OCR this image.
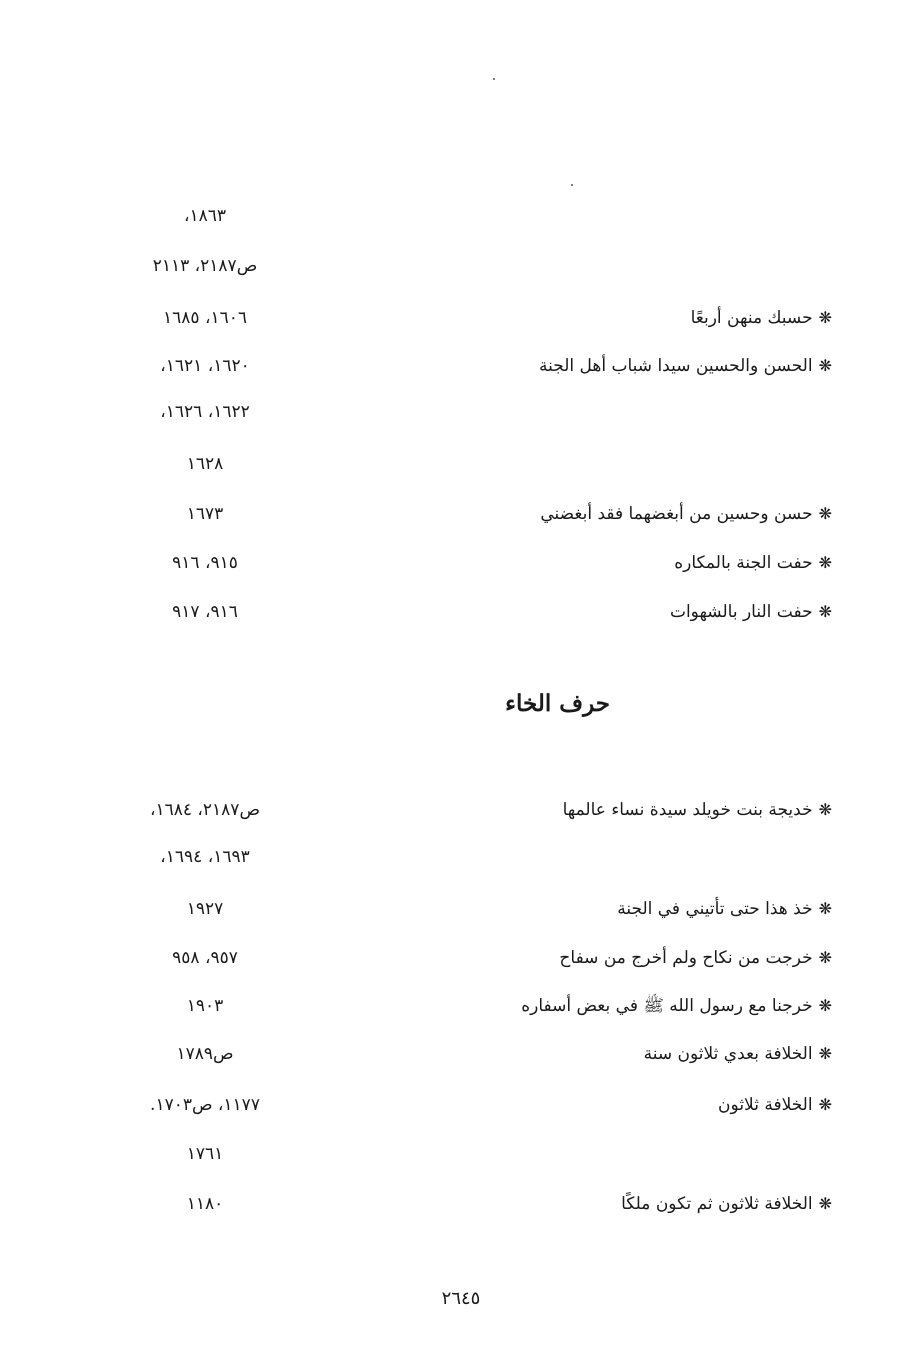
١٨٦٣،
ص٢١٨٧، ٢١١٣
❋حسبك منهن أربعًا
١٦٠٦، ١٦٨٥
❋الحسن والحسين سيدا شباب أهل الجنة
١٦٢٠، ١٦٢١،
١٦٢٢، ١٦٢٦،
١٦٢٨
❋حسن وحسين من أبغضهما فقد أبغضني
١٦٧٣
❋حفت الجنة بالمكاره
٩١٥، ٩١٦
❋حفت النار بالشهوات
٩١٦، ٩١٧
حرف الخاء
❋خديجة بنت خويلد سيدة نساء عالمها
ص٢١٨٧، ١٦٨٤،
١٦٩٣، ١٦٩٤،
❋خذ هذا حتى تأتيني في الجنة
١٩٢٧
❋خرجت من نكاح ولم أخرج من سفاح
٩٥٧، ٩٥٨
❋خرجنا مع رسول الله ﷺ في بعض أسفاره
١٩٠٣
❋الخلافة بعدي ثلاثون سنة
ص١٧٨٩
❋الخلافة ثلاثون
١١٧٧، ص١٧٠٣.
١٧٦١
❋الخلافة ثلاثون ثم تكون ملكًا
١١٨٠
٢٦٤٥
